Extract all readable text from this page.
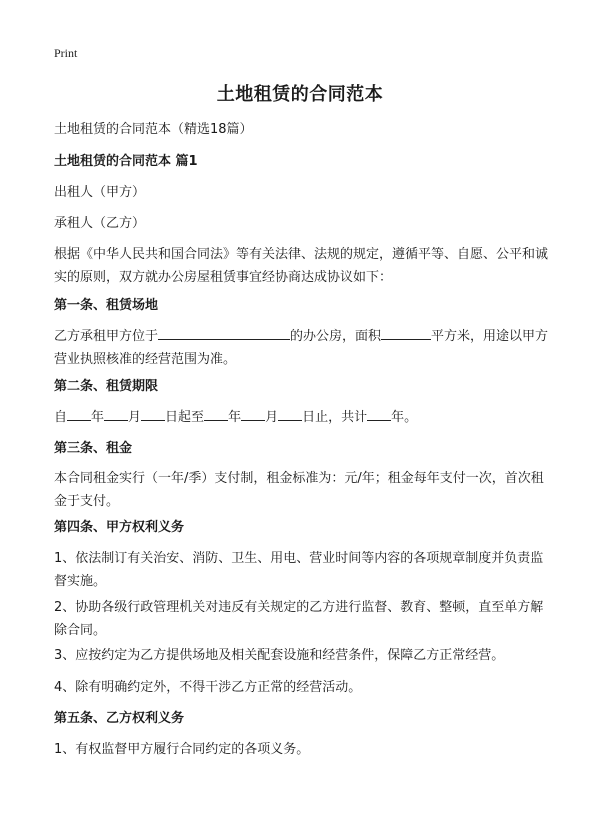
Print
土地租赁的合同范本

土地租赁的合同范本（精选18篇）

土地租赁的合同范本 篇1

出租人（甲方）

承租人（乙方）

根据《中华人民共和国合同法》等有关法律、法规的规定，遵循平等、自愿、公平和诚实的原则，双方就办公房屋租赁事宜经协商达成协议如下：

第一条、租赁场地

乙方承租甲方位于	的办公房，面积	平方米，用途以甲方营业执照核准的经营范围为准。

第二条、租赁期限

自 年 月 日起至 年 月 日止，共计 年。

第三条、租金

本合同租金实行（一年/季）支付制，租金标准为：元/年；租金每年支付一次，首次租金于支付。

第四条、甲方权利义务

1、依法制订有关治安、消防、卫生、用电、营业时间等内容的各项规章制度并负责监督实施。

2、协助各级行政管理机关对违反有关规定的乙方进行监督、教育、整顿，直至单方解除合同。

3、应按约定为乙方提供场地及相关配套设施和经营条件，保障乙方正常经营。

4、除有明确约定外，不得干涉乙方正常的经营活动。

第五条、乙方权利义务

1、有权监督甲方履行合同约定的各项义务。
